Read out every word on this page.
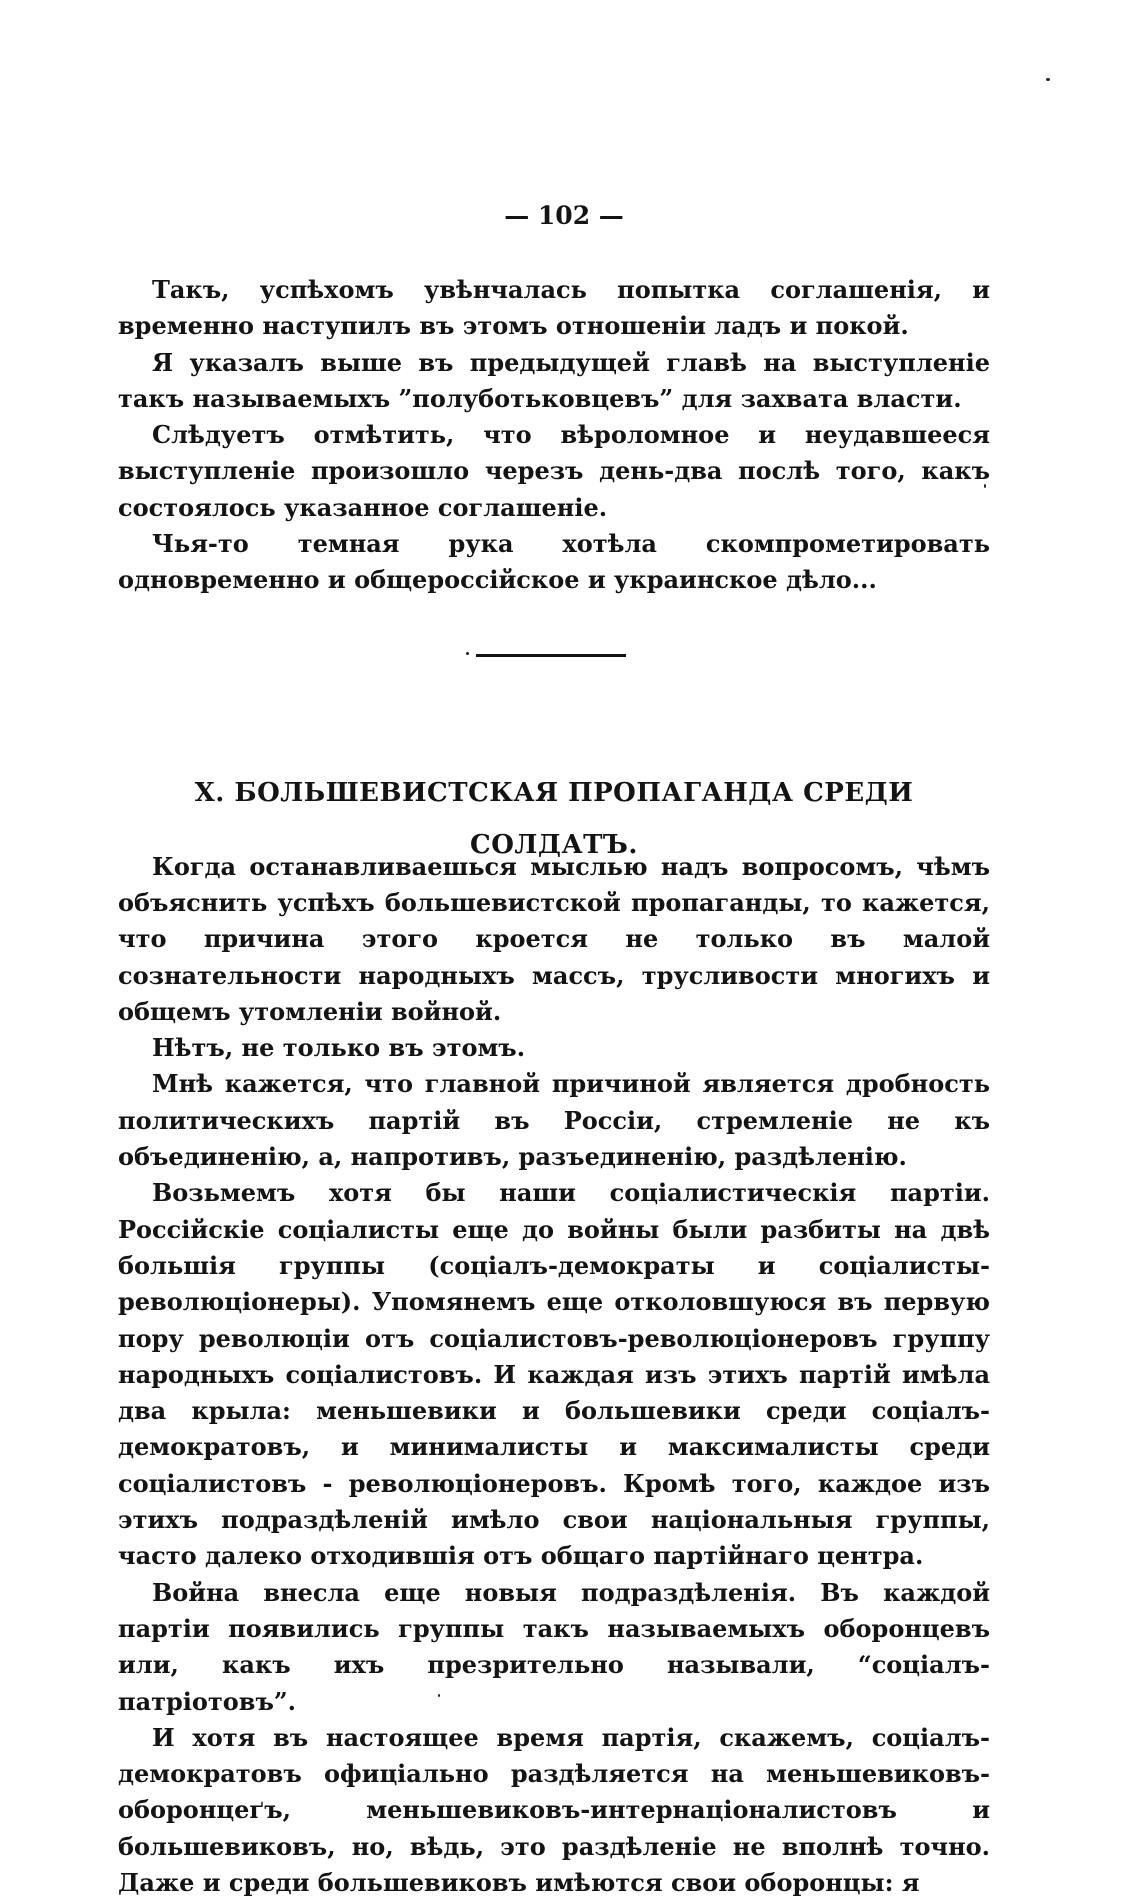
— 102 —

Такъ, успѣхомъ увѣнчалась попытка соглашенія, и временно наступилъ въ этомъ отношеніи ладъ и покой.

Я указалъ выше въ предыдущей главѣ на выступленіе такъ называемыхъ ”полуботьковцевъ” для захвата власти.

Слѣдуетъ отмѣтить, что вѣроломное и неудавшееся выступленіе произошло черезъ день-два послѣ того, какъ состоялось указанное соглашеніе.

Чья-то темная рука хотѣла скомпрометировать одновременно и общероссійское и украинское дѣло...

X. БОЛЬШЕВИСТСКАЯ ПРОПАГАНДА СРЕДИ СОЛДАТЪ.

Когда останавливаешься мыслью надъ вопросомъ, чѣмъ объяснить успѣхъ большевистской пропаганды, то кажется, что причина этого кроется не только въ малой сознательности народныхъ массъ, трусливости многихъ и общемъ утомленіи войной.

Нѣтъ, не только въ этомъ.

Мнѣ кажется, что главной причиной является дробность политическихъ партій въ Россіи, стремленіе не къ объединенію, а, напротивъ, разъединенію, раздѣленію.

Возьмемъ хотя бы наши соціалистическія партіи. Россійскіе соціалисты еще до войны были разбиты на двѣ большія группы (соціалъ-демократы и соціалисты-революціонеры). Упомянемъ еще отколовшуюся въ первую пору революціи отъ соціалистовъ-революціонеровъ группу народныхъ соціалистовъ. И каждая изъ этихъ партій имѣла два крыла: меньшевики и большевики среди соціалъ-демократовъ, и минималисты и максималисты среди соціалистовъ - революціонеровъ. Кромѣ того, каждое изъ этихъ подраздѣленій имѣло свои національныя группы, часто далеко отходившія отъ общаго партійнаго центра.

Война внесла еще новыя подраздѣленія. Въ каждой партіи появились группы такъ называемыхъ оборонцевъ или, какъ ихъ презрительно называли, “соціалъ-патріотовъ”.

И хотя въ настоящее время партія, скажемъ, соціалъ-демократовъ офиціально раздѣляется на меньшевиковъ-оборонцеґъ, меньшевиковъ-интернаціоналистовъ и большевиковъ, но, вѣдь, это раздѣленіе не вполнѣ точно. Даже и среди большевиковъ имѣются свои оборонцы: я
